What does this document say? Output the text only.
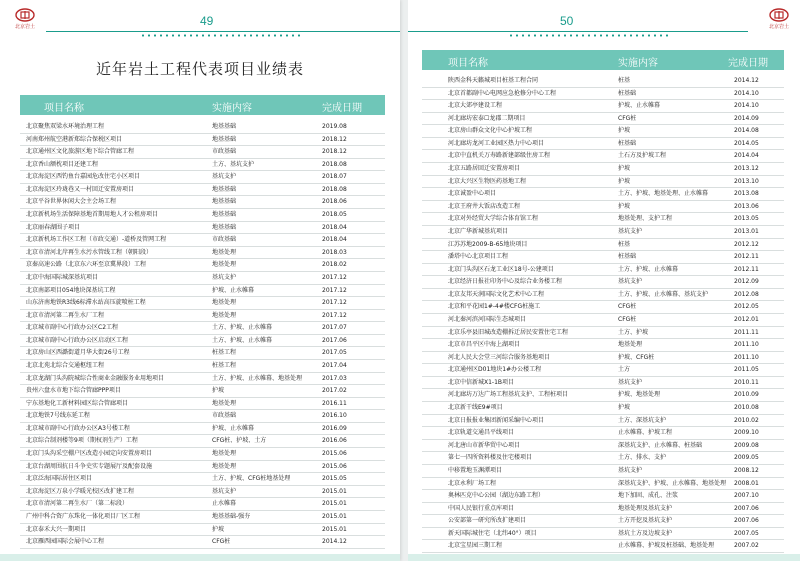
北京岩土	49
近年岩土工程代表项目业绩表
项目名称	实施内容	完成日期
北京聚焦双梁水环境治理工程	地基基础	2019.08
河南郑州航空港新郑综合保税区项目	地基基础	2018.12
北京通州区文化旅游区地下综合管廊工程	市政基础	2018.12
北京香山额枕项目还建工程	土方、基坑支护	2018.08
北京海淀区西钓鱼台嘉园危改住宅小区项目	基坑支护	2018.07
北京海淀区玲珑巷又一村回迁安置房项目	地基基础	2018.08
北京平谷世界休闲大会主会场工程	地基基础	2018.06
北京新机场生活保障基地首期用地人才公租房项目	地基基础	2018.05
北京丽春湖围子项目	地基基础	2018.04
北京新机场工作区工程（市政交通）-道桥及管网工程	市政基础	2018.04
北京市清河北岸再生水污水管线工程（朝阳段）	地基处理	2018.03
京秦高速公路（北京东六环至京冀界段）工程	地基处理	2018.02
北京中海国际城深基坑项目	基坑支护	2017.12
北京南部项目054地块深基坑工程	护坡、止水帷幕	2017.12
山东济南地铁R3线6标滞水站高压旋喷桩工程	地基处理	2017.12
北京市清河第二再生水厂工程	地基处理	2017.12
北京城市副中心行政办公区C2工程	土方、护坡、止水帷幕	2017.07
北京城市副中心行政办公区启动区工程	土方、护坡、止水帷幕	2017.06
北京房山区西潞街道月华大街26号工程	桩基工程	2017.05
北京北苑北综合交通枢纽工程	桩基工程	2017.04
北京龙湖门头沟院城综合性商业金融服务业用地项目	土方、护坡、止水帷幕、地基处理	2017.03
贵州六盘水市地下综合管廊PPP项目	护坡	2017.02
宁东基地化工新材料园区综合管廊项目	地基处理	2016.11
北京地铁7号线东延工程	市政基础	2016.10
北京城市副中心行政办公区A3号楼工程	护坡、止水帷幕	2016.09
北京综合制剂楼等9项（期权剂生产）工程	CFG桩、护坡、土方	2016.06
北京门头沟采空棚户区改造小园定向安置房项目	地基处理	2015.06
北京台湖周围抗日斗争史实专题展厅及配套设施	地基处理	2015.06
北京泛海国际居住区项目	土方、护坡、CFG桩地基处理	2015.05
北京海淀区万泉小学暖光校区改扩建工程	基坑支护	2015.01
北京市清河第二再生水厂（第二标段）	止水帷幕	2015.01
广州中科合资广东珠化一体化项目厂区工程	地基基础-强夯	2015.01
北京泰禾大兴一期项目	护坡	2015.01
北京雁西园国际会展中心工程	CFG桩	2014.12
50	北京岩土
项目名称	实施内容	完成日期
陕西金科天籁城项目桩基工程合同	桩基	2014.12
北京首都副中心电网应急抢修分中心工程	桩基础	2014.10
北京大郊亭建设工程	护坡、止水帷幕	2014.10
河北廊坊宏泰☐龙郡二期项目	CFG桩	2014.09
北京房山群众文化中心护坡工程	护坡	2014.08
河北廊坊龙河工业园区热力中心项目	桩基础	2014.05
北京中直机关万寿路新建部级住房工程	土石方及护坡工程	2014.04
北京五路居回迁安置房项目	护坡	2013.12
北京大兴区生物医药基地工程	护坡	2013.10
北京诚盈中心项目	土方、护坡、地基处理、止水帷幕	2013.08
北京王府井大饭店改造工程	护坡	2013.06
北京对外经贸大学综合体育馆工程	地基处理、支护工程	2013.05
北京广华新城基坑项目	基坑支护	2013.01
江苏苏地2009-B-65地块项目	桩基	2012.12
潘塔中心北京项目工程	桩基础	2012.11
北京门头沟区石龙工业区18号-公建项目	土方、护坡、止水帷幕	2012.11
北京经济日报社印务中心及综合业务楼工程	基坑支护	2012.09
北京友邦天润国际文化艺术中心工程	土方、护坡、止水帷幕、基坑支护	2012.08
北京和平花园1#-4#楼CFG桩施工	CFG桩	2012.05
河北秦河滨河国际生态城项目	CFG桩	2012.01
北京乐亭县旧城改造棚拆迁居民安置住宅工程	土方、护坡	2011.11
北京市昌平区中海上湖项目	地基处理	2011.10
河北人民大会堂三河综合服务基地项目	护坡、CFG桩	2011.10
北京通州区D01地块1#办公楼工程	土方	2011.05
北京中信新城X1-1B项目	基坑支护	2010.11
河北廊坊万达广场工程基坑支护、工程桩项目	护坡、地基处理	2010.09
北京新干线E9#项目	护坡	2010.08
北京日报报业集团新闻采编中心项目	土方、深基坑支护	2010.02
北京轨道交通昌平线项目	止水帷幕、护坡工程	2009.10
河北唐山市新华贸中心项目	深基坑支护、止水帷幕、桩基础	2009.08
第七一四所资料楼及住宅楼项目	土方、排水、支护	2009.05
中移置地玉渊潭项目	基坑支护	2008.12
北京永利厂场工程	深基坑支护、护坡、止水帷幕、地基处理 2008.01
奥林匹克中心公园（湖边东路工程）	地下加固、成孔、注浆	2007.10
中国人民银行重点库项目	地基处理及基坑支护	2007.06
公安部第一研究所改扩建项目	土方开挖及基坑支护	2007.06
新天国际城住宅（北纬40°）项目	基坑土方及边坡支护	2007.05
北京宝星园三期工程	止水帷幕、护坡及桩基础、地基处理	2007.02
